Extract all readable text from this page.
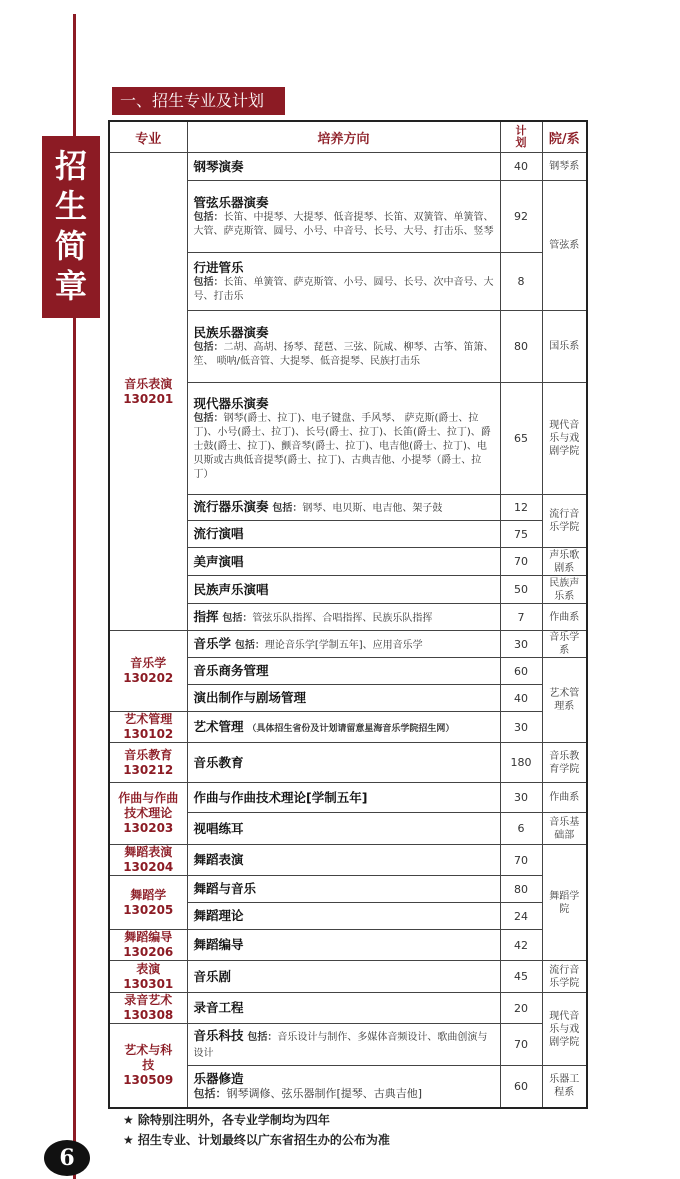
招
生
简
章
一、招生专业及计划
专业	培养方向	计划	院/系

音乐表演
130201	钢琴演奏	40	钢琴系

	管弦乐器演奏
包括：长笛、中提琴、大提琴、低音提琴、长笛、双簧管、单簧管、大管、萨克斯管、圆号、小号、中音号、长号、大号、打击乐、竖琴	92	管弦系

	行进管乐
包括：长笛、单簧管、萨克斯管、小号、圆号、长号、次中音号、大号、打击乐	8	

	民族乐器演奏
包括：二胡、高胡、扬琴、琵琶、三弦、阮咸、柳琴、古筝、笛箫、笙、 唢呐/低音管、大提琴、低音提琴、民族打击乐	80	国乐系

	现代器乐演奏
包括：钢琴(爵士、拉丁)、电子键盘、手风琴、 萨克斯(爵士、拉丁)、小号(爵士、拉丁)、长号(爵士、拉丁)、长笛(爵士、拉丁)、爵士鼓(爵士、拉丁)、颤音琴(爵士、拉丁)、电吉他(爵士、拉丁)、电贝斯或古典低音提琴(爵士、拉丁)、古典吉他、小提琴（爵士、拉丁）	65	现代音乐与戏剧学院
	流行器乐演奏 包括：钢琴、电贝斯、电吉他、架子鼓	12	流行音乐学院

	流行演唱	75	

	美声演唱	70	声乐歌剧系

	民族声乐演唱	50	民族声乐系
	指挥 包括：管弦乐队指挥、合唱指挥、民族乐队指挥	7	作曲系

音乐学
130202	音乐学 包括：理论音乐学[学制五年]、应用音乐学	30	音乐学系

	音乐商务管理	60	艺术管理系

	演出制作与剧场管理	40	

艺术管理
130102	艺术管理 （具体招生省份及计划请留意星海音乐学院招生网）	30	

音乐教育
130212	音乐教育	180	音乐教育学院

作曲与作曲技术理论
130203	作曲与作曲技术理论[学制五年]	30	作曲系

	视唱练耳	6	音乐基础部

舞蹈表演
130204	舞蹈表演	70	舞蹈学院

舞蹈学
130205	舞蹈与音乐	80	

	舞蹈理论	24	

舞蹈编导
130206	舞蹈编导	42	

表演
130301	音乐剧	45	流行音乐学院

录音艺术
130308	录音工程	20	现代音乐与戏剧学院

艺术与科技
130509	音乐科技 包括：音乐设计与制作、多媒体音频设计、歌曲创演与设计	70	

	乐器修造
包括：钢琴调修、弦乐器制作[提琴、古典吉他]	60	乐器工程系
★ 除特别注明外，各专业学制均为四年
★ 招生专业、计划最终以广东省招生办的公布为准
6
